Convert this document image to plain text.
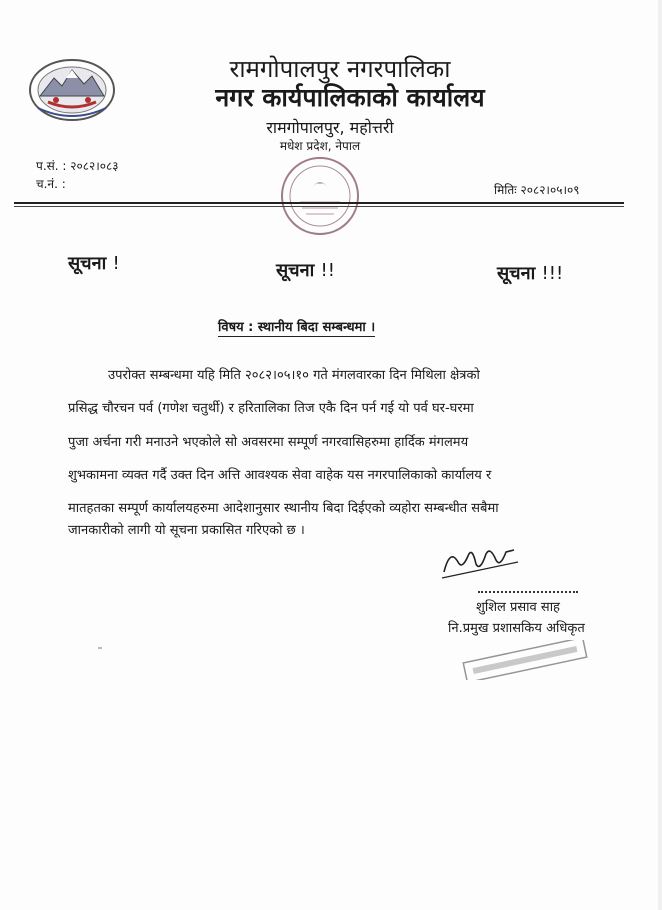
रामगोपालपुर नगरपालिका
नगर कार्यपालिकाको कार्यालय
रामगोपालपुर, महोत्तरी
मधेश प्रदेश, नेपाल
प.सं. : २०८२।०८३
च.नं. :	मितिः २०८२।०५।०९
सूचना !	सूचना !!	सूचना !!!
विषय : स्थानीय बिदा सम्बन्धमा ।
उपरोक्त सम्बन्धमा यहि मिति २०८२।०५।१० गते मंगलवारका दिन मिथिला क्षेत्रको
प्रसिद्ध चौरचन पर्व (गणेश चतुर्थी) र हरितालिका तिज एकै दिन पर्न गई यो पर्व घर-घरमा
पुजा अर्चना गरी मनाउने भएकोले सो अवसरमा सम्पूर्ण नगरवासिहरुमा हार्दिक मंगलमय
शुभकामना व्यक्त गर्दै उक्त दिन अत्ति आवश्यक सेवा वाहेक यस नगरपालिकाको कार्यालय र
मातहतका सम्पूर्ण कार्यालयहरुमा आदेशानुसार स्थानीय बिदा दिईएको व्यहोरा सम्बन्धीत सबैमा
जानकारीको लागी यो सूचना प्रकासित गरिएको छ ।
शुशिल प्रसाव साह
नि.प्रमुख प्रशासकिय अधिकृत
